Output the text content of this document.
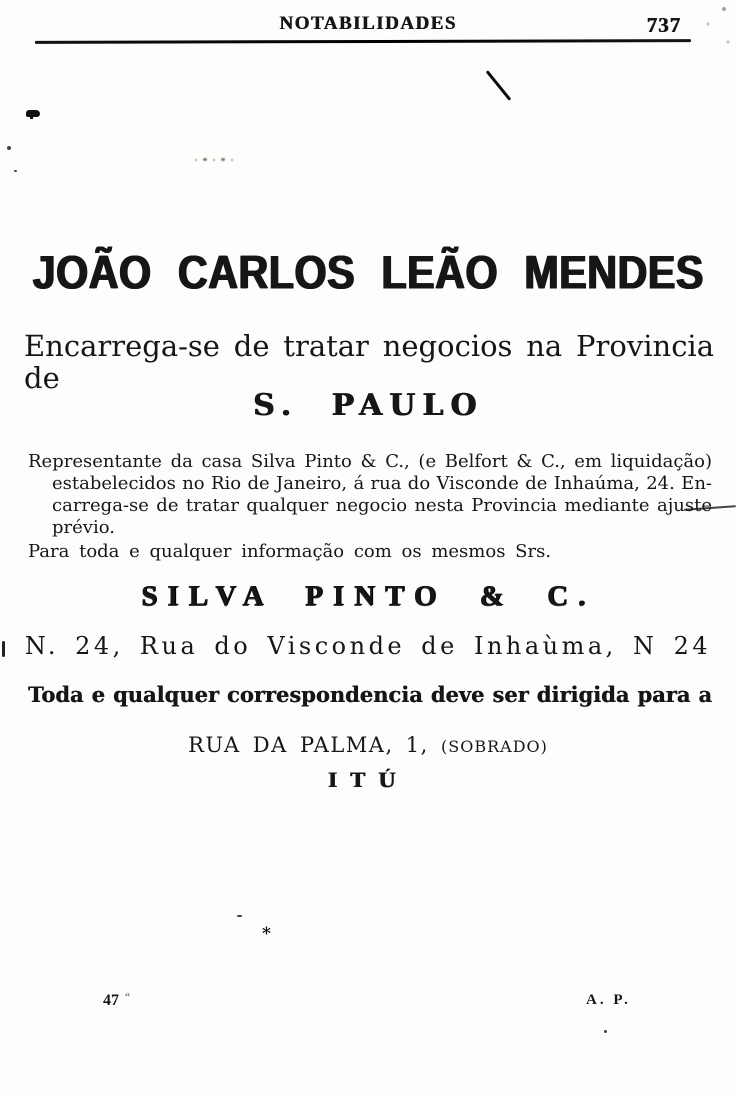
NOTABILIDADES	737
JOÃO CARLOS LEÃO MENDES
Encarrega-se de tratar negocios na Provincia de
S. PAULO
Representante da casa Silva Pinto & C., (e Belfort & C., em liquidação)
estabelecidos no Rio de Janeiro, á rua do Visconde de Inhaúma, 24. En-
carrega-se de tratar qualquer negocio nesta Provincia mediante ajuste
prévio.
Para toda e qualquer informação com os mesmos Srs.
SILVA PINTO & C.
N. 24, Rua do Visconde de Inhaùma, N 24
Toda e qualquer correspondencia deve ser dirigida para a
RUA DA PALMA, 1, (SOBRADO)
ITÚ
*
47 “	A. P.
